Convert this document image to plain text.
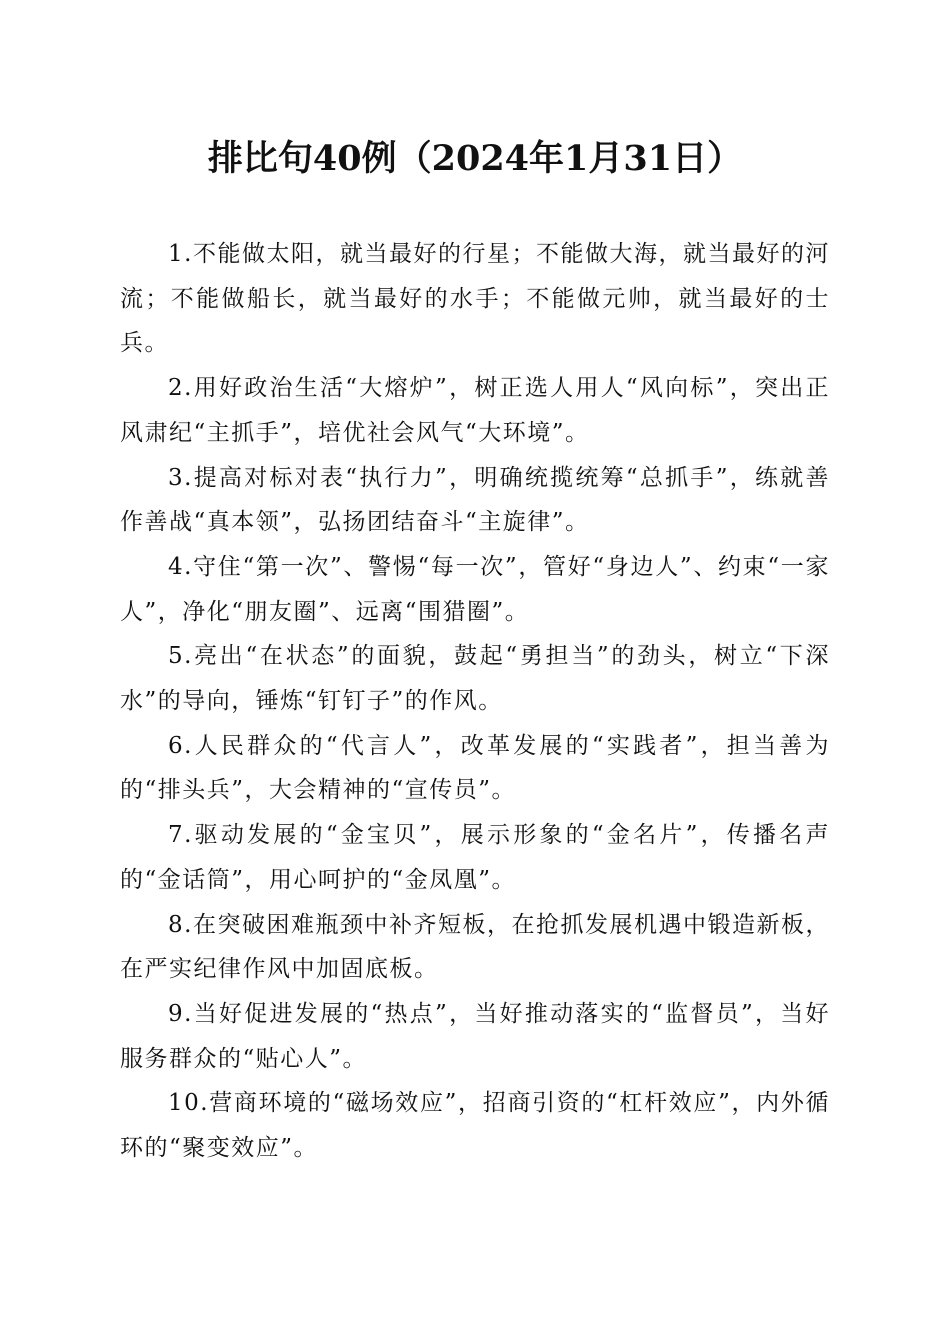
排比句40例（2024年1月31日）

1.不能做太阳，就当最好的行星；不能做大海，就当最好的河流；不能做船长，就当最好的水手；不能做元帅，就当最好的士兵。

2.用好政治生活“大熔炉”，树正选人用人“风向标”，突出正风肃纪“主抓手”，培优社会风气“大环境”。

3.提高对标对表“执行力”，明确统揽统筹“总抓手”，练就善作善战“真本领”，弘扬团结奋斗“主旋律”。

4.守住“第一次”、警惕“每一次”，管好“身边人”、约束“一家人”，净化“朋友圈”、远离“围猎圈”。

5.亮出“在状态”的面貌，鼓起“勇担当”的劲头，树立“下深水”的导向，锤炼“钉钉子”的作风。

6.人民群众的“代言人”，改革发展的“实践者”，担当善为的“排头兵”，大会精神的“宣传员”。

7.驱动发展的“金宝贝”，展示形象的“金名片”，传播名声的“金话筒”，用心呵护的“金凤凰”。

8.在突破困难瓶颈中补齐短板，在抢抓发展机遇中锻造新板，在严实纪律作风中加固底板。

9.当好促进发展的“热点”，当好推动落实的“监督员”，当好服务群众的“贴心人”。

10.营商环境的“磁场效应”，招商引资的“杠杆效应”，内外循环的“聚变效应”。
